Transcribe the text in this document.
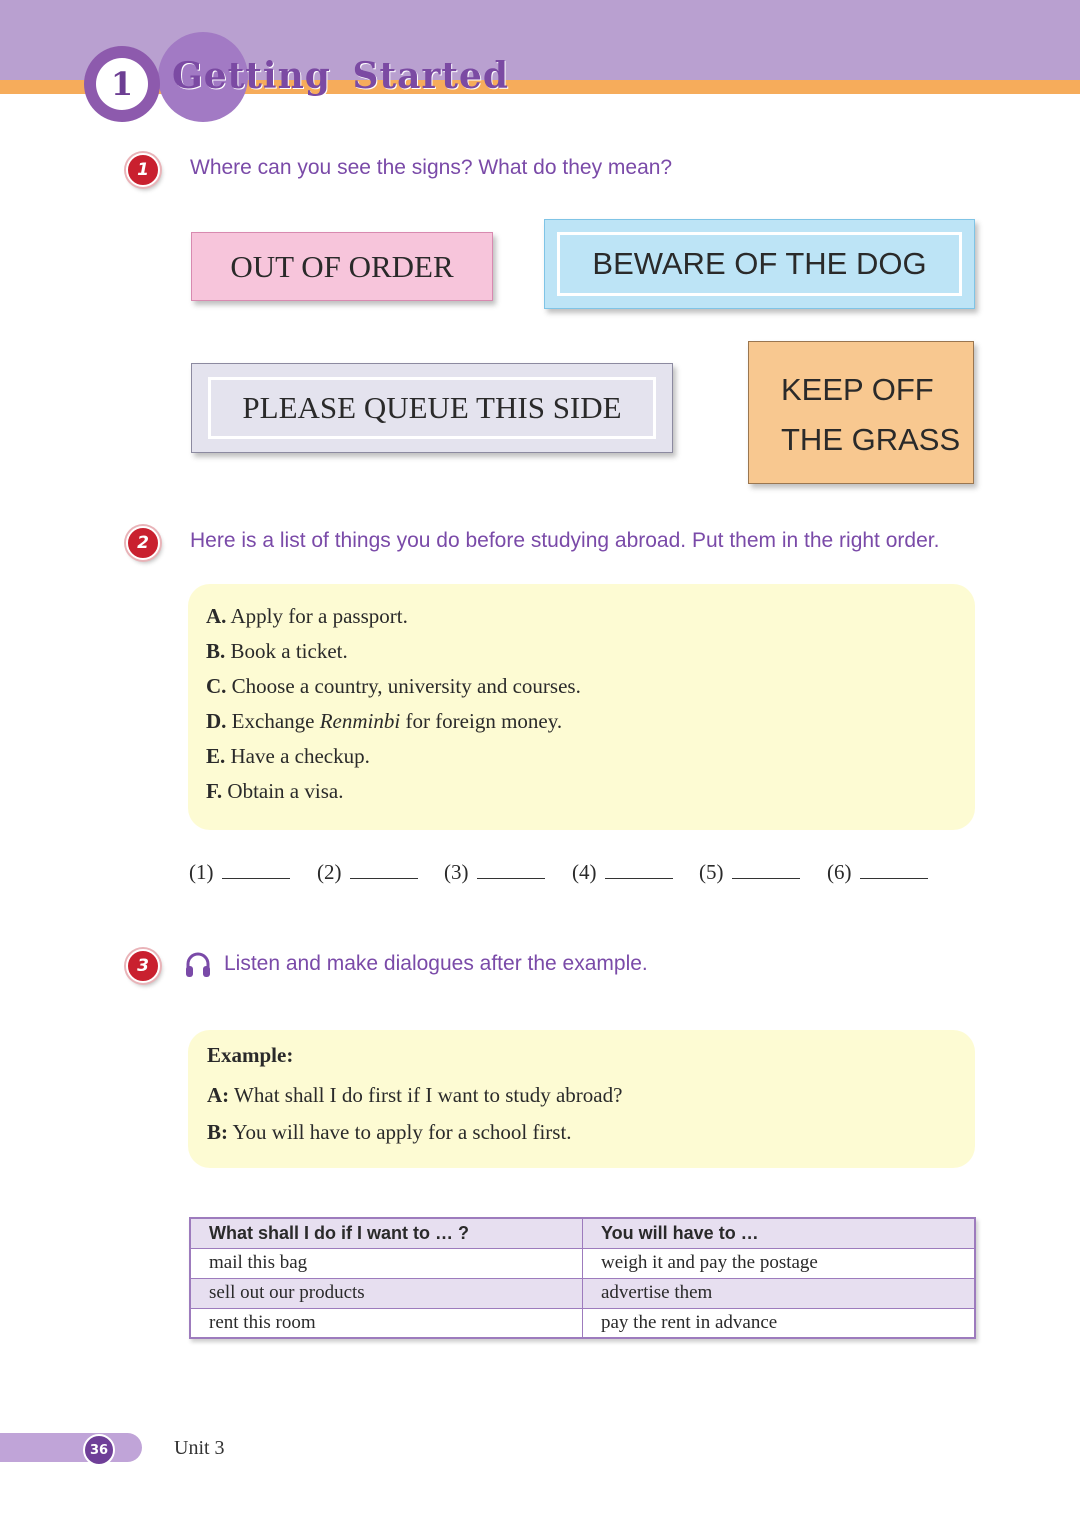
1	Getting Started
1	Where can you see the signs? What do they mean?
OUT OF ORDER	BEWARE OF THE DOG
PLEASE QUEUE THIS SIDE
KEEP OFF
THE GRASS
2	Here is a list of things you do before studying abroad. Put them in the right order.
A. Apply for a passport.
B. Book a ticket.
C. Choose a country, university and courses.
D. Exchange Renminbi for foreign money.
E. Have a checkup.
F. Obtain a visa.
(1)	(2)	(3)	(4)	(5)	(6)
3	Listen and make dialogues after the example.
Example:
A: What shall I do first if I want to study abroad?
B: You will have to apply for a school first.
What shall I do if I want to … ?	You will have to …
mail this bag	weigh it and pay the postage
sell out our products	advertise them
rent this room	pay the rent in advance
36	Unit 3
